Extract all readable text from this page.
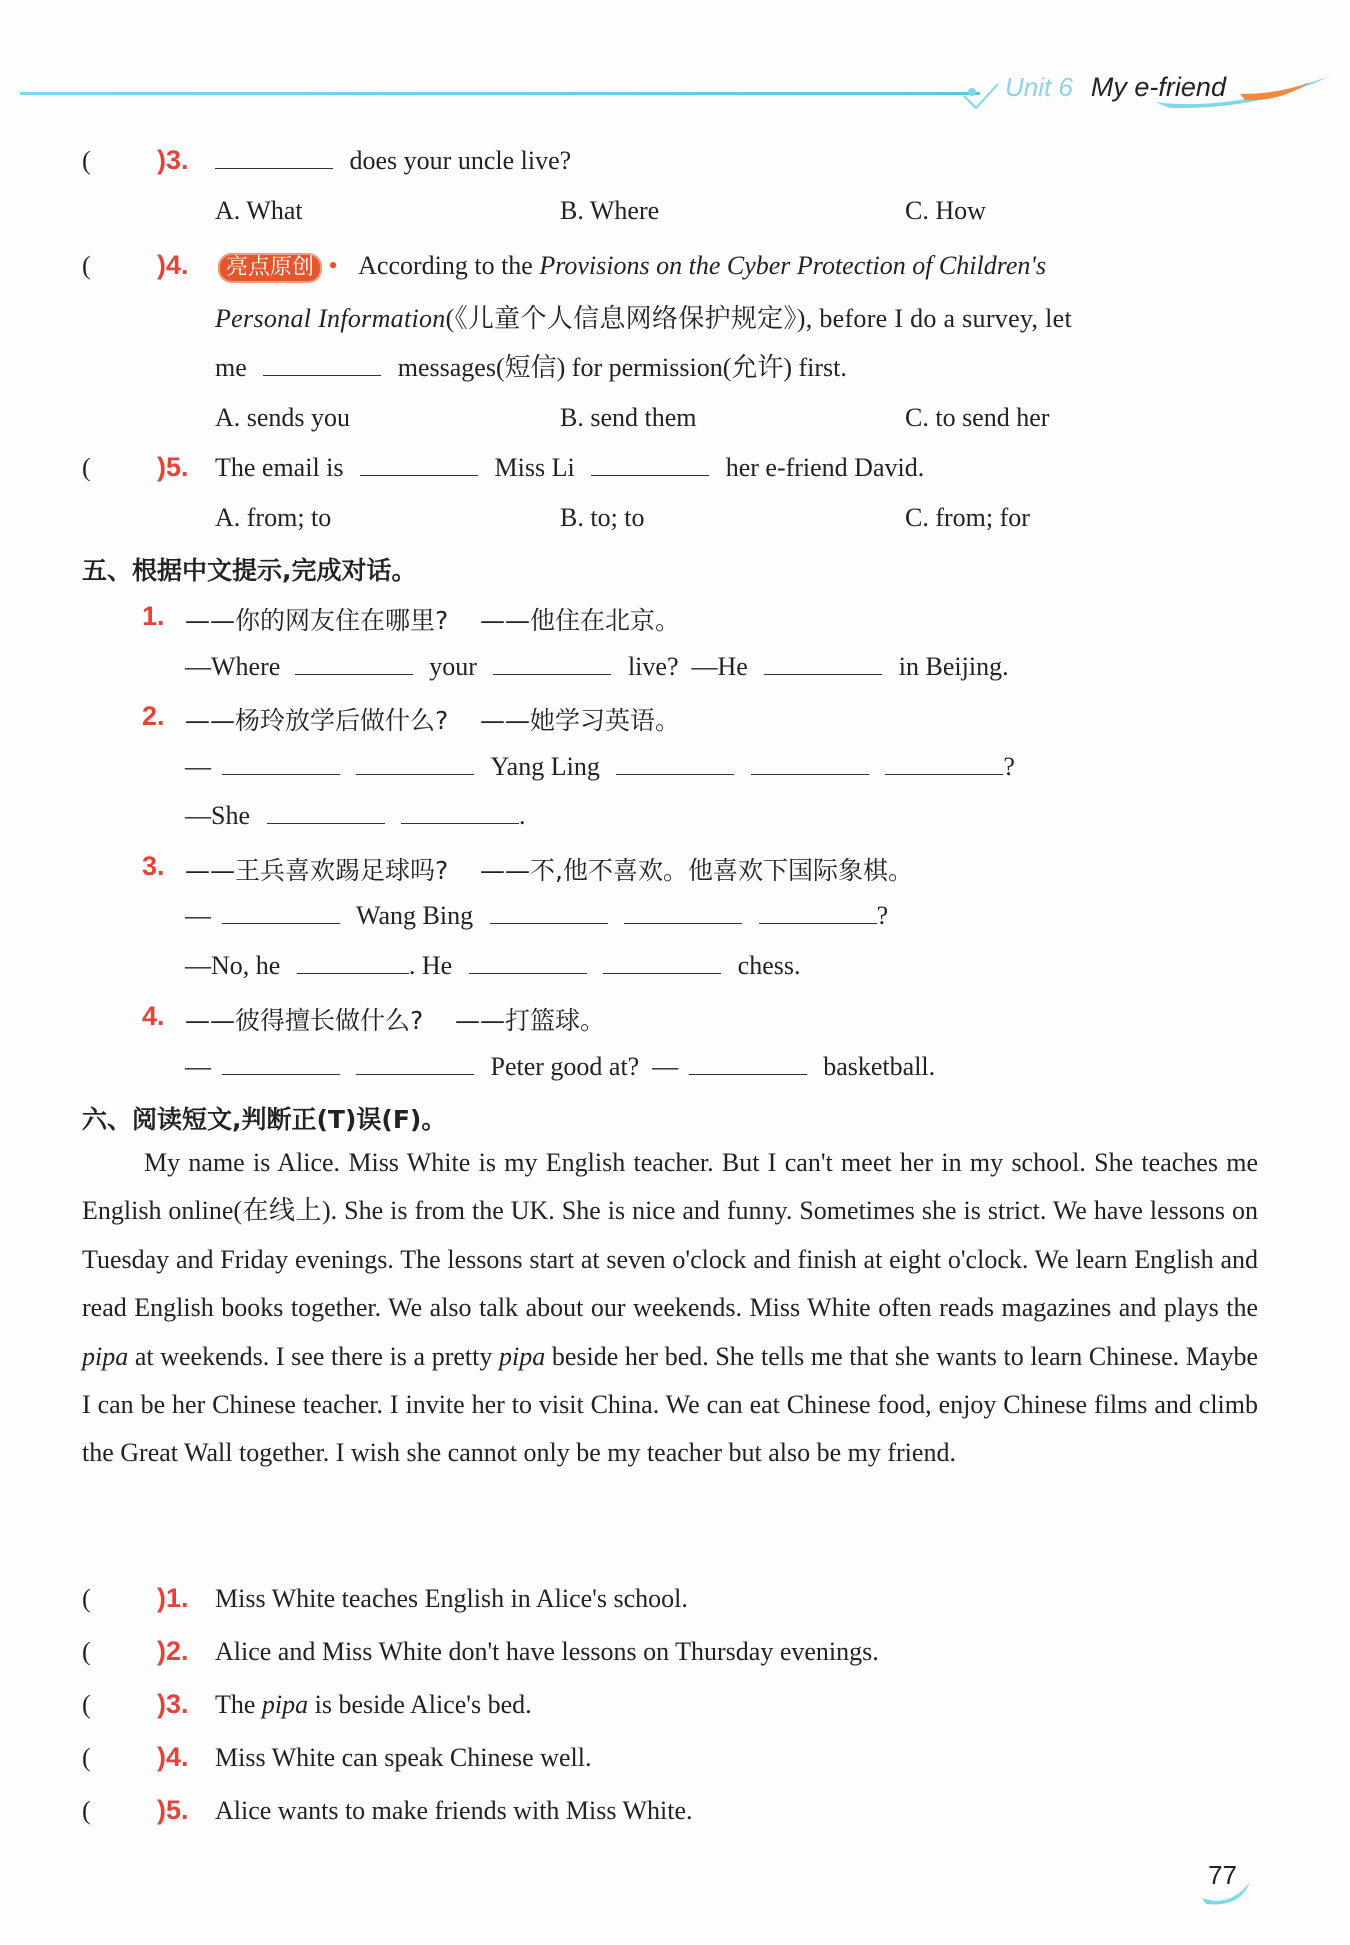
Unit 6 My e-friend
( )3.	does your uncle live?
A. What	B. Where	C. How
( )4.	亮点原创 • According to the Provisions on the Cyber Protection of Children's
Personal Information(《儿童个人信息网络保护规定》), before I do a survey, let
me	messages(短信) for permission(允许) first.
A. sends you	B. send them	C. to send her
( )5. The email is	Miss Li	her e-friend David.
A. from; to	B. to; to	C. from; for
五、根据中文提示,完成对话。
1. ——你的网友住在哪里?    ——他住在北京。
—Where	your	live?  —He	in Beijing.
2. ——杨玲放学后做什么?    ——她学习英语。
—	Yang Ling	?
—She	.
3. ——王兵喜欢踢足球吗?    ——不,他不喜欢。他喜欢下国际象棋。
—	Wang Bing	?
—No, he	. He	chess.
4. ——彼得擅长做什么?    ——打篮球。
—	Peter good at?  —	basketball.
六、阅读短文,判断正(T)误(F)。

My name is Alice. Miss White is my English teacher. But I can't meet her in my school. She teaches me English online(在线上). She is from the UK. She is nice and funny. Sometimes she is strict. We have lessons on Tuesday and Friday evenings. The lessons start at seven o'clock and finish at eight o'clock. We learn English and read English books together. We also talk about our weekends. Miss White often reads magazines and plays the pipa at weekends. I see there is a pretty pipa beside her bed. She tells me that she wants to learn Chinese. Maybe I can be her Chinese teacher. I invite her to visit China. We can eat Chinese food, enjoy Chinese films and climb the Great Wall together. I wish she cannot only be my teacher but also be my friend.

( )1. Miss White teaches English in Alice's school.
( )2. Alice and Miss White don't have lessons on Thursday evenings.
( )3. The pipa is beside Alice's bed.
( )4. Miss White can speak Chinese well.
( )5. Alice wants to make friends with Miss White.
77
